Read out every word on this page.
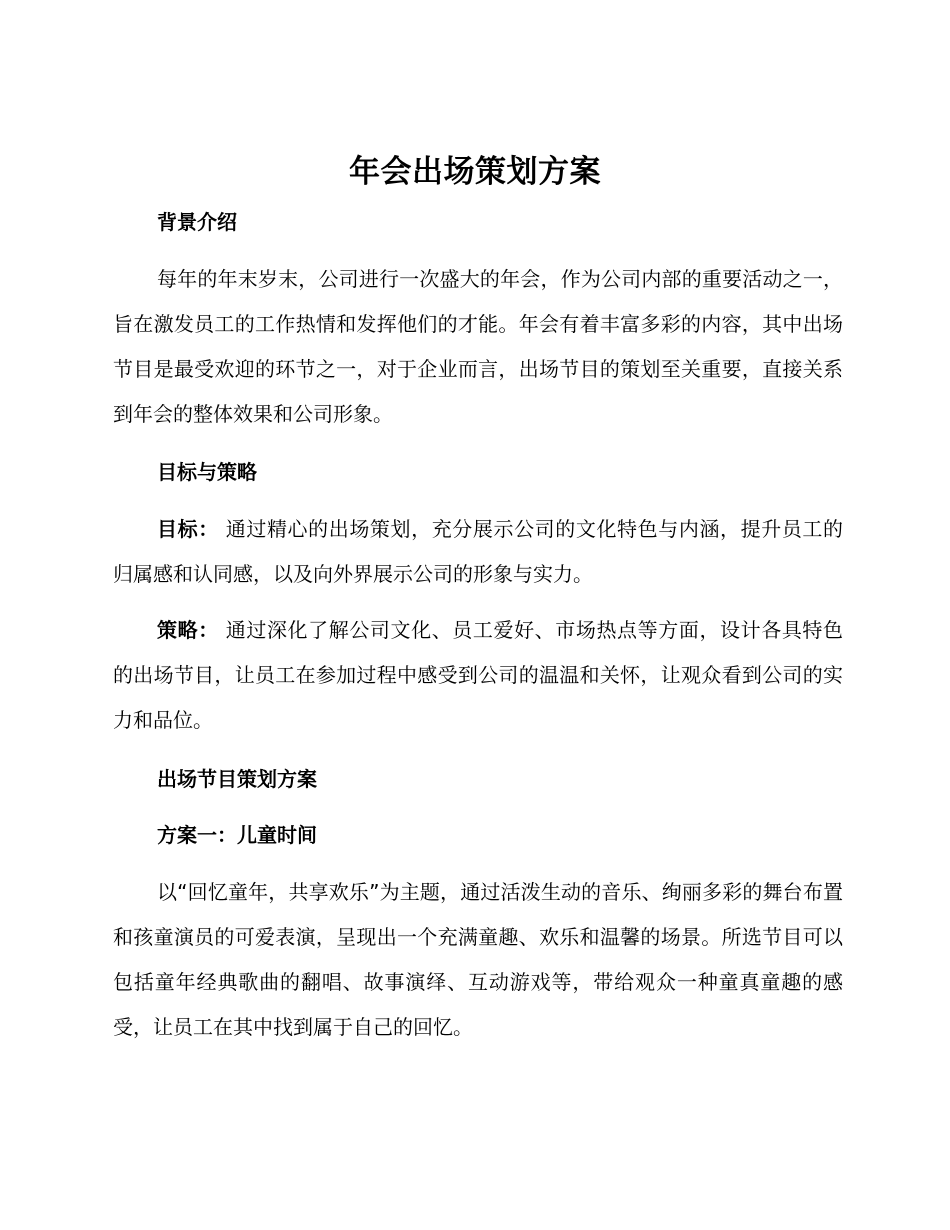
年会出场策划方案
背景介绍

每年的年末岁末，公司进行一次盛大的年会，作为公司内部的重要活动之一，旨在激发员工的工作热情和发挥他们的才能。年会有着丰富多彩的内容，其中出场节目是最受欢迎的环节之一，对于企业而言，出场节目的策划至关重要，直接关系到年会的整体效果和公司形象。

目标与策略

目标： 通过精心的出场策划，充分展示公司的文化特色与内涵，提升员工的归属感和认同感，以及向外界展示公司的形象与实力。

策略： 通过深化了解公司文化、员工爱好、市场热点等方面，设计各具特色的出场节目，让员工在参加过程中感受到公司的温温和关怀，让观众看到公司的实力和品位。

出场节目策划方案
方案一：儿童时间

以“回忆童年，共享欢乐”为主题，通过活泼生动的音乐、绚丽多彩的舞台布置和孩童演员的可爱表演，呈现出一个充满童趣、欢乐和温馨的场景。所选节目可以包括童年经典歌曲的翻唱、故事演绎、互动游戏等，带给观众一种童真童趣的感受，让员工在其中找到属于自己的回忆。
